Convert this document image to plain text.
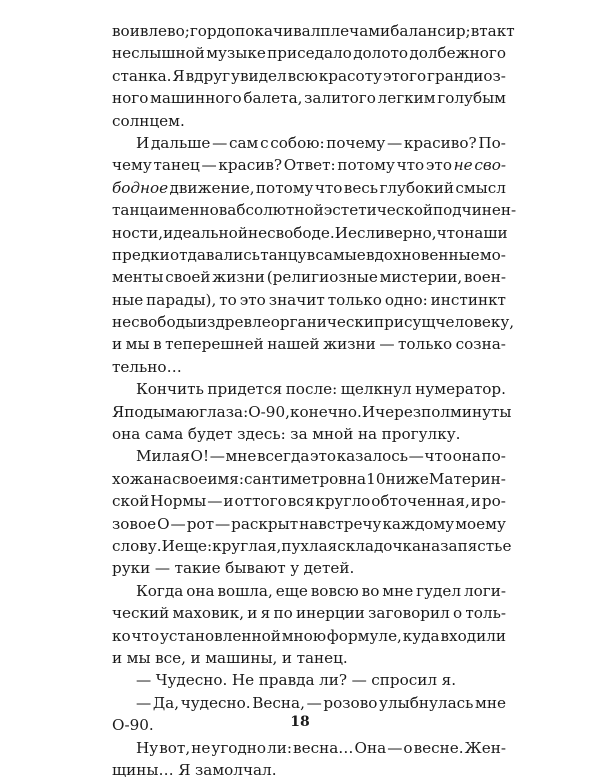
во и влево; гордо покачивал плечами балансир; в такт
неслышной музыке приседало долото долбежного
станка. Я вдруг увидел всю красоту этого грандиоз-
ного машинного балета, залитого легким голубым
солнцем.
И дальше — сам с собою: почему — красиво? По-
чему танец — красив? Ответ: потому что это не сво-
бодное движение, потому что весь глубокий смысл
танца именно в абсолютной эстетической подчинен-
ности, идеальной несвободе. И если верно, что наши
предки отдавались танцу в самые вдохновенные мо-
менты своей жизни (религиозные мистерии, воен-
ные парады), то это значит только одно: инстинкт
несвободы издревле органически присущ человеку,
и мы в теперешней нашей жизни — только созна-
тельно…
Кончить придется после: щелкнул нумератор.
Я подымаю глаза: О-90, конечно. И через полминуты
она сама будет здесь: за мной на прогулку.
Милая О! — мне всегда это казалось — что она по-
хожа на свое имя: сантиметров на 10 ниже Материн-
ской Нормы — и оттого вся кругло обточенная, и ро-
зовое О — рот — раскрыт навстречу каждому моему
слову. И еще: круглая, пухлая складочка на запястье
руки — такие бывают у детей.
Когда она вошла, еще вовсю во мне гудел логи-
ческий маховик, и я по инерции заговорил о толь-
ко что установленной мною формуле, куда входили
и мы все, и машины, и танец.
— Чудесно. Не правда ли? — спросил я.
— Да, чудесно. Весна, — розово улыбнулась мне
О-90.
Ну вот, не угодно ли: весна… Она — о весне. Жен-
щины… Я замолчал.
18
